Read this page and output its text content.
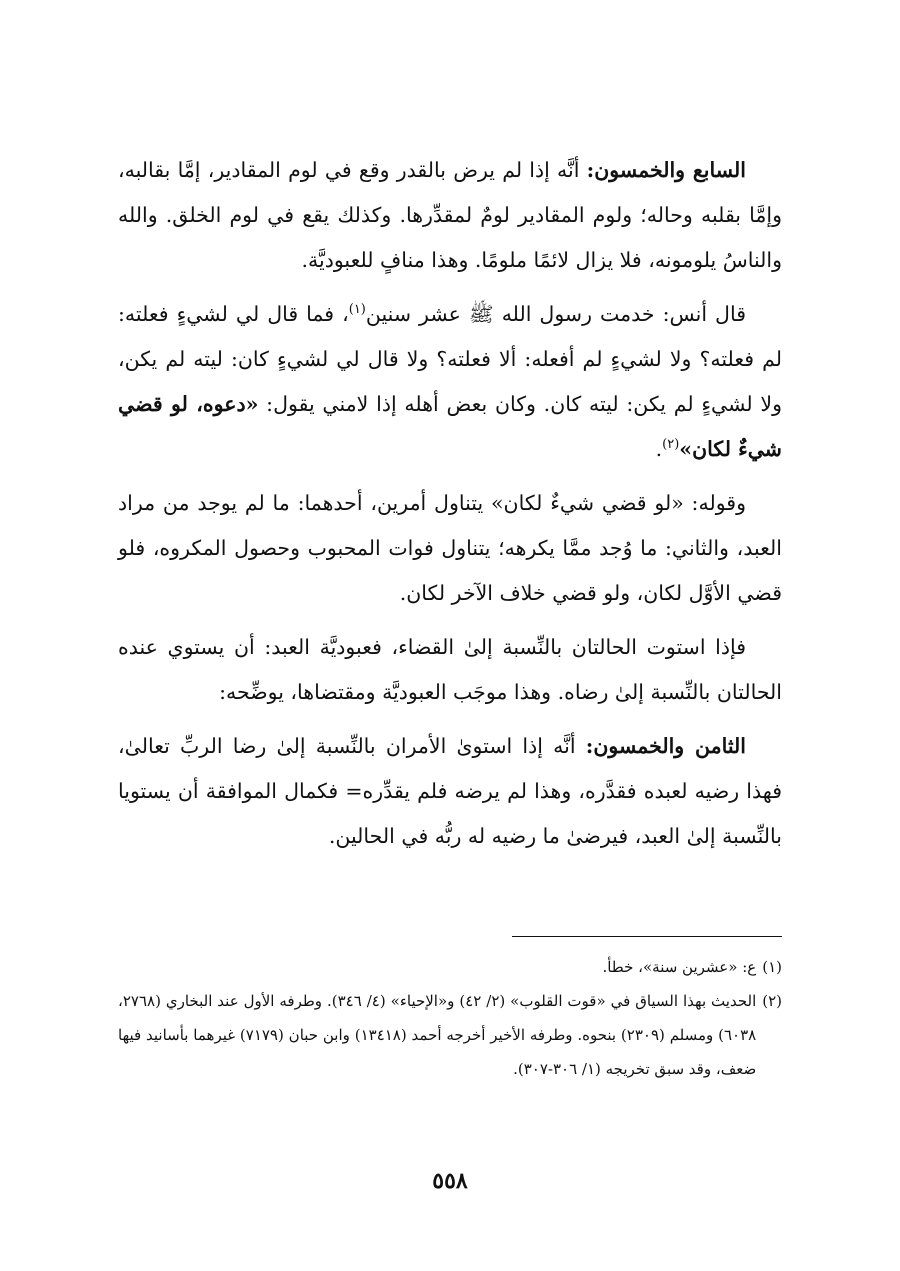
السابع والخمسون: أنَّه إذا لم يرض بالقدر وقع في لوم المقادير، إمَّا بقالبه، وإمَّا بقلبه وحاله؛ ولوم المقادير لومٌ لمقدِّرها. وكذلك يقع في لوم الخلق. والله والناسُ يلومونه، فلا يزال لائمًا ملومًا. وهذا منافٍ للعبوديَّة.

قال أنس: خدمت رسول الله ﷺ عشر سنين$^{(١)}$، فما قال لي لشيءٍ فعلته: لم فعلته؟ ولا لشيءٍ لم أفعله: ألا فعلته؟ ولا قال لي لشيءٍ كان: ليته لم يكن، ولا لشيءٍ لم يكن: ليته كان. وكان بعض أهله إذا لامني يقول: «دعوه، لو قضي شيءٌ لكان»$^{(٢)}$.

وقوله: «لو قضي شيءٌ لكان» يتناول أمرين، أحدهما: ما لم يوجد من مراد العبد، والثاني: ما وُجد ممَّا يكرهه؛ يتناول فوات المحبوب وحصول المكروه، فلو قضي الأوَّل لكان، ولو قضي خلاف الآخر لكان.

فإذا استوت الحالتان بالنِّسبة إلىٰ القضاء، فعبوديَّة العبد: أن يستوي عنده الحالتان بالنِّسبة إلىٰ رضاه. وهذا موجَب العبوديَّة ومقتضاها، يوضِّحه:

الثامن والخمسون: أنَّه إذا استوىٰ الأمران بالنِّسبة إلىٰ رضا الربِّ تعالىٰ، فهذا رضيه لعبده فقدَّره، وهذا لم يرضه فلم يقدِّره= فكمال الموافقة أن يستويا بالنِّسبة إلىٰ العبد، فيرضىٰ ما رضيه له ربُّه في الحالين.

(١)
ع: «عشرين سنة»، خطأ.
(٢)
الحديث بهذا السياق في «قوت القلوب» (٢/ ٤٢) و«الإحياء» (٤/ ٣٤٦). وطرفه الأول عند البخاري (٢٧٦٨، ٦٠٣٨) ومسلم (٢٣٠٩) بنحوه. وطرفه الأخير أخرجه أحمد (١٣٤١٨) وابن حبان (٧١٧٩) غيرهما بأسانيد فيها ضعف، وقد سبق تخريجه (١/ ٣٠٦-٣٠٧).
٥٥٨
